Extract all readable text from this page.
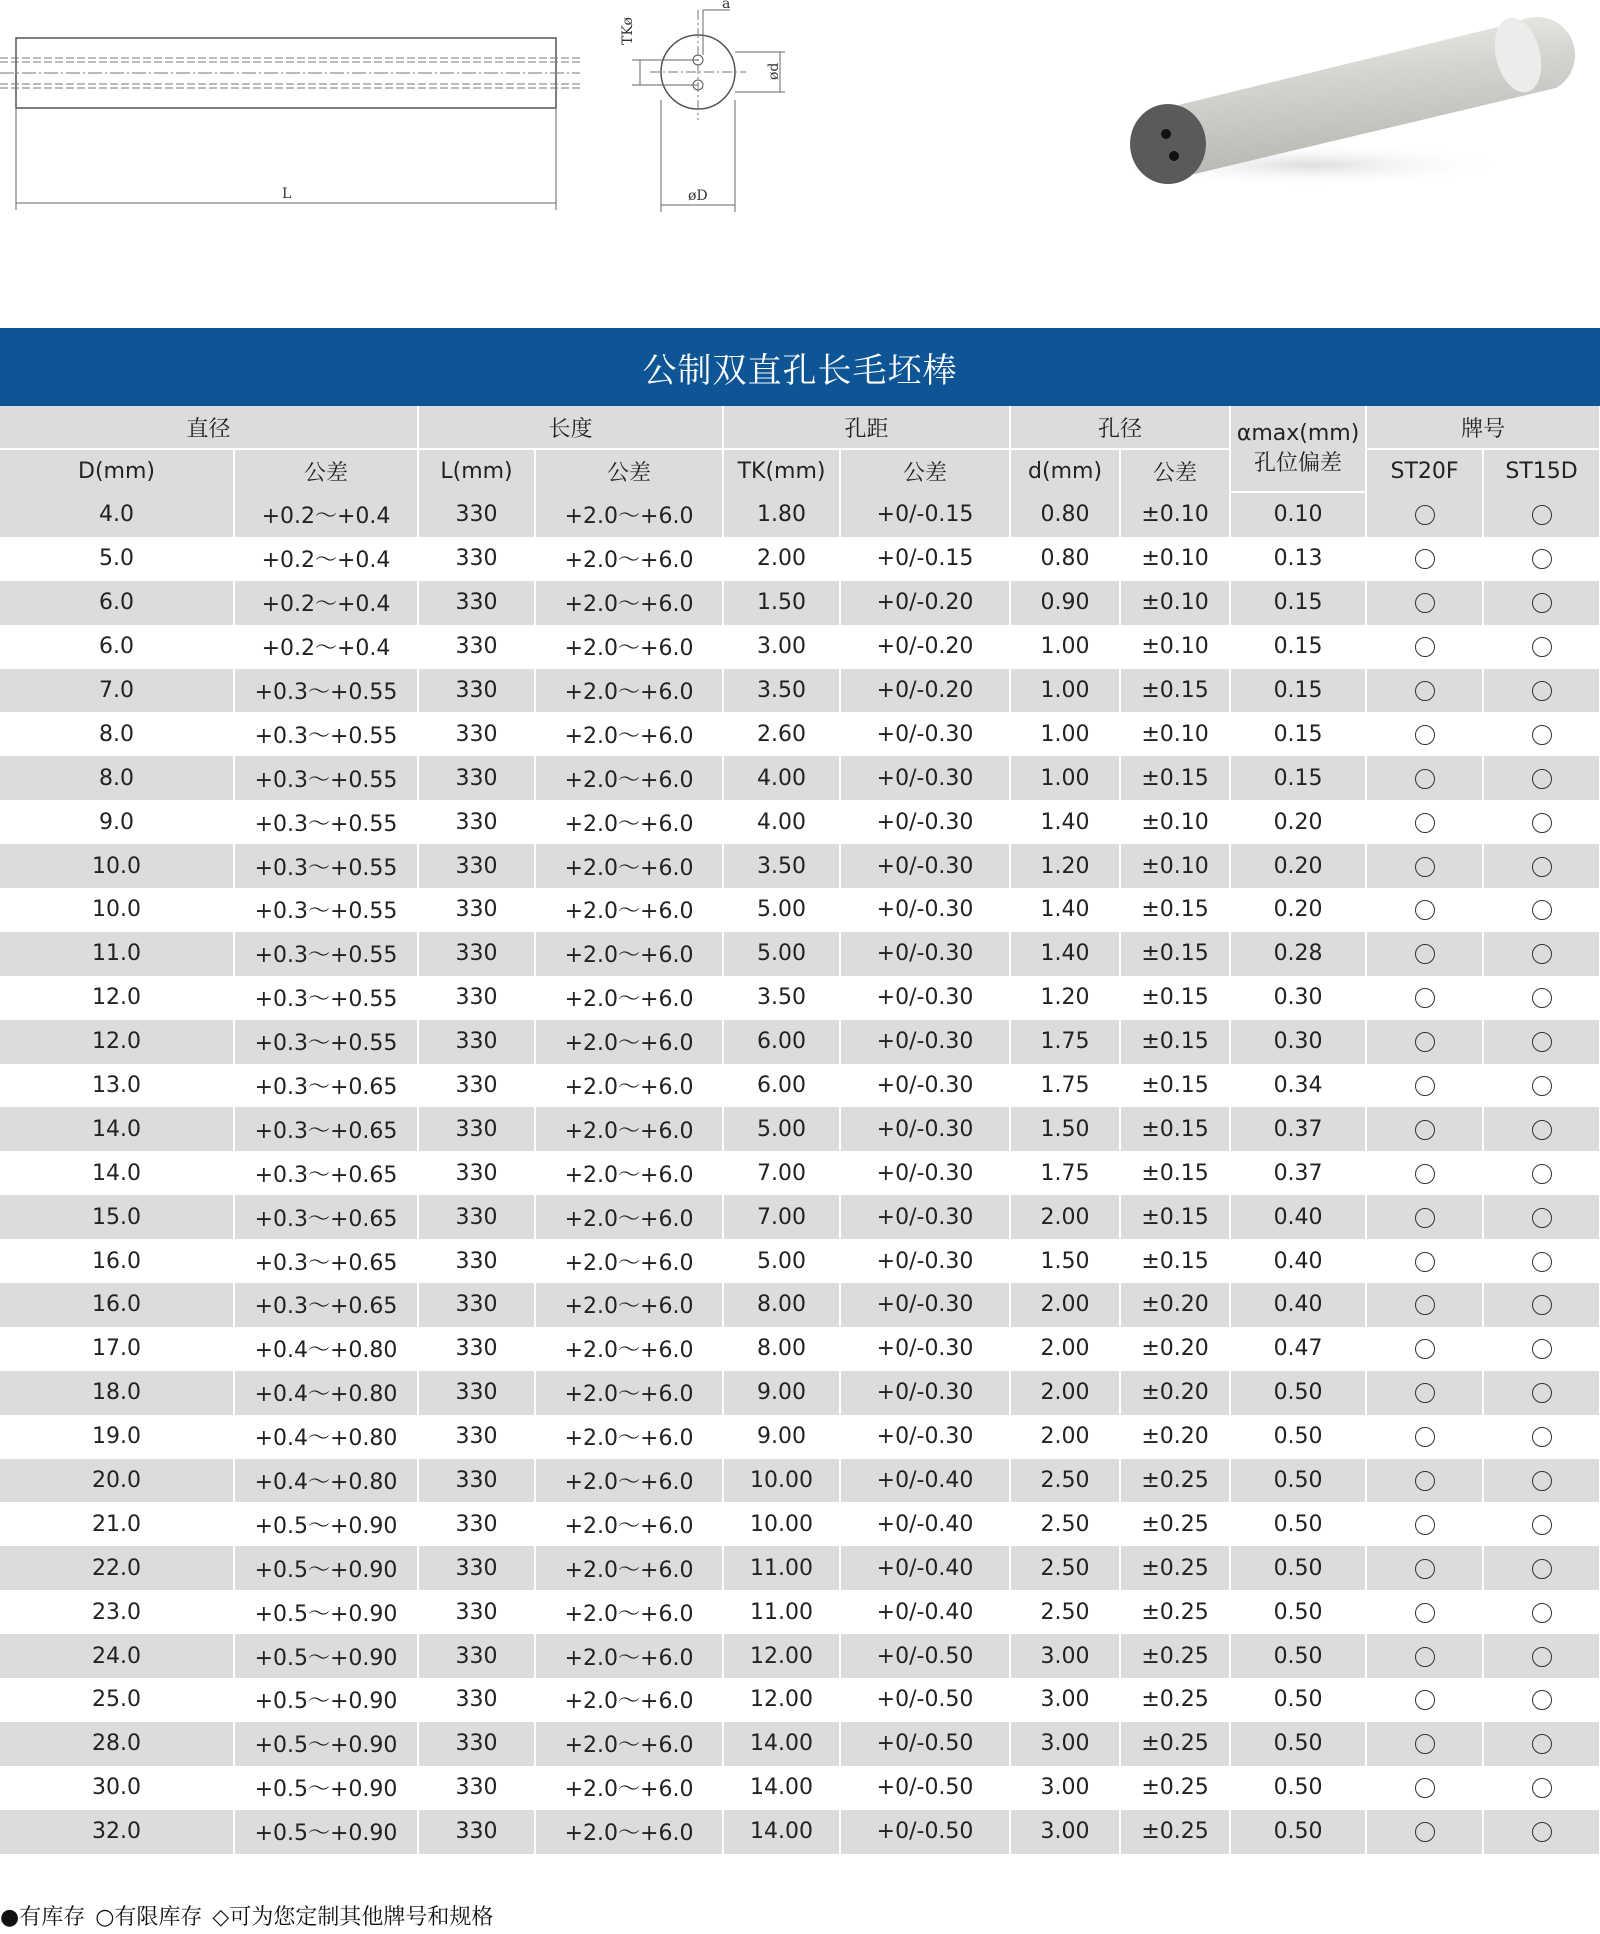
L
TKø
a
ød
øD
公制双直孔长毛坯棒
直径		长度		孔距		孔径		αmax(mm)
孔位偏差	牌号	
D(mm)	公差	L(mm)	公差	TK(mm)	公差	d(mm)	公差		ST20F	ST15D
4.0	+0.2～+0.4	330	+2.0～+6.0	1.80	+0/-0.15	0.80	±0.10	0.10		
5.0	+0.2～+0.4	330	+2.0～+6.0	2.00	+0/-0.15	0.80	±0.10	0.13		
6.0	+0.2～+0.4	330	+2.0～+6.0	1.50	+0/-0.20	0.90	±0.10	0.15		
6.0	+0.2～+0.4	330	+2.0～+6.0	3.00	+0/-0.20	1.00	±0.10	0.15		
7.0	+0.3～+0.55	330	+2.0～+6.0	3.50	+0/-0.20	1.00	±0.15	0.15		
8.0	+0.3～+0.55	330	+2.0～+6.0	2.60	+0/-0.30	1.00	±0.10	0.15		
8.0	+0.3～+0.55	330	+2.0～+6.0	4.00	+0/-0.30	1.00	±0.15	0.15		
9.0	+0.3～+0.55	330	+2.0～+6.0	4.00	+0/-0.30	1.40	±0.10	0.20		
10.0	+0.3～+0.55	330	+2.0～+6.0	3.50	+0/-0.30	1.20	±0.10	0.20		
10.0	+0.3～+0.55	330	+2.0～+6.0	5.00	+0/-0.30	1.40	±0.15	0.20		
11.0	+0.3～+0.55	330	+2.0～+6.0	5.00	+0/-0.30	1.40	±0.15	0.28		
12.0	+0.3～+0.55	330	+2.0～+6.0	3.50	+0/-0.30	1.20	±0.15	0.30		
12.0	+0.3～+0.55	330	+2.0～+6.0	6.00	+0/-0.30	1.75	±0.15	0.30		
13.0	+0.3～+0.65	330	+2.0～+6.0	6.00	+0/-0.30	1.75	±0.15	0.34		
14.0	+0.3～+0.65	330	+2.0～+6.0	5.00	+0/-0.30	1.50	±0.15	0.37		
14.0	+0.3～+0.65	330	+2.0～+6.0	7.00	+0/-0.30	1.75	±0.15	0.37		
15.0	+0.3～+0.65	330	+2.0～+6.0	7.00	+0/-0.30	2.00	±0.15	0.40		
16.0	+0.3～+0.65	330	+2.0～+6.0	5.00	+0/-0.30	1.50	±0.15	0.40		
16.0	+0.3～+0.65	330	+2.0～+6.0	8.00	+0/-0.30	2.00	±0.20	0.40		
17.0	+0.4～+0.80	330	+2.0～+6.0	8.00	+0/-0.30	2.00	±0.20	0.47		
18.0	+0.4～+0.80	330	+2.0～+6.0	9.00	+0/-0.30	2.00	±0.20	0.50		
19.0	+0.4～+0.80	330	+2.0～+6.0	9.00	+0/-0.30	2.00	±0.20	0.50		
20.0	+0.4～+0.80	330	+2.0～+6.0	10.00	+0/-0.40	2.50	±0.25	0.50		
21.0	+0.5～+0.90	330	+2.0～+6.0	10.00	+0/-0.40	2.50	±0.25	0.50		
22.0	+0.5～+0.90	330	+2.0～+6.0	11.00	+0/-0.40	2.50	±0.25	0.50		
23.0	+0.5～+0.90	330	+2.0～+6.0	11.00	+0/-0.40	2.50	±0.25	0.50		
24.0	+0.5～+0.90	330	+2.0～+6.0	12.00	+0/-0.50	3.00	±0.25	0.50		
25.0	+0.5～+0.90	330	+2.0～+6.0	12.00	+0/-0.50	3.00	±0.25	0.50		
28.0	+0.5～+0.90	330	+2.0～+6.0	14.00	+0/-0.50	3.00	±0.25	0.50		
30.0	+0.5～+0.90	330	+2.0～+6.0	14.00	+0/-0.50	3.00	±0.25	0.50		
32.0	+0.5～+0.90	330	+2.0～+6.0	14.00	+0/-0.50	3.00	±0.25	0.50		
●有库存 ○有限库存 ◇可为您定制其他牌号和规格
